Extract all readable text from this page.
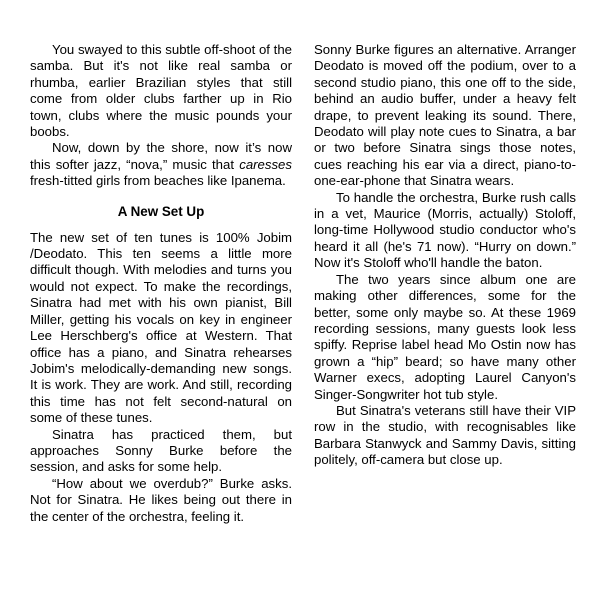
You swayed to this subtle off-shoot of the samba. But it's not like real samba or rhumba, earlier Brazilian styles that still come from older clubs farther up in Rio town, clubs where the music pounds your boobs.

Now, down by the shore, now it’s now this softer jazz, “nova,” music that caresses fresh-titted girls from beaches like Ipanema.

A New Set Up

The new set of ten tunes is 100% Jobim /Deodato. This ten seems a little more difficult though. With melodies and turns you would not expect. To make the recordings, Sinatra had met with his own pianist, Bill Miller, getting his vocals on key in engineer Lee Herschberg's office at Western. That office has a piano, and Sinatra rehearses Jobim's melodically-demanding new songs. It is work. They are work. And still, recording this time has not felt second-natural on some of these tunes.

Sinatra has practiced them, but approaches Sonny Burke before the session, and asks for some help.

“How about we overdub?” Burke asks. Not for Sinatra. He likes being out there in the center of the orchestra, feeling it.

Sonny Burke figures an alternative. Arranger Deodato is moved off the podium, over to a second studio piano, this one off to the side, behind an audio buffer, under a heavy felt drape, to prevent leaking its sound. There, Deodato will play note cues to Sinatra, a bar or two before Sinatra sings those notes, cues reaching his ear via a direct, piano-to-one-ear-phone that Sinatra wears.

To handle the orchestra, Burke rush calls in a vet, Maurice (Morris, actually) Stoloff, long-time Hollywood studio conductor who's heard it all (he's 71 now). “Hurry on down.” Now it's Stoloff who'll handle the baton.

The two years since album one are making other differences, some for the better, some only maybe so. At these 1969 recording sessions, many guests look less spiffy. Reprise label head Mo Ostin now has grown a “hip” beard; so have many other Warner execs, adopting Laurel Canyon's Singer-Songwriter hot tub style.

But Sinatra's veterans still have their VIP row in the studio, with recognisables like Barbara Stanwyck and Sammy Davis, sitting politely, off-camera but close up.
